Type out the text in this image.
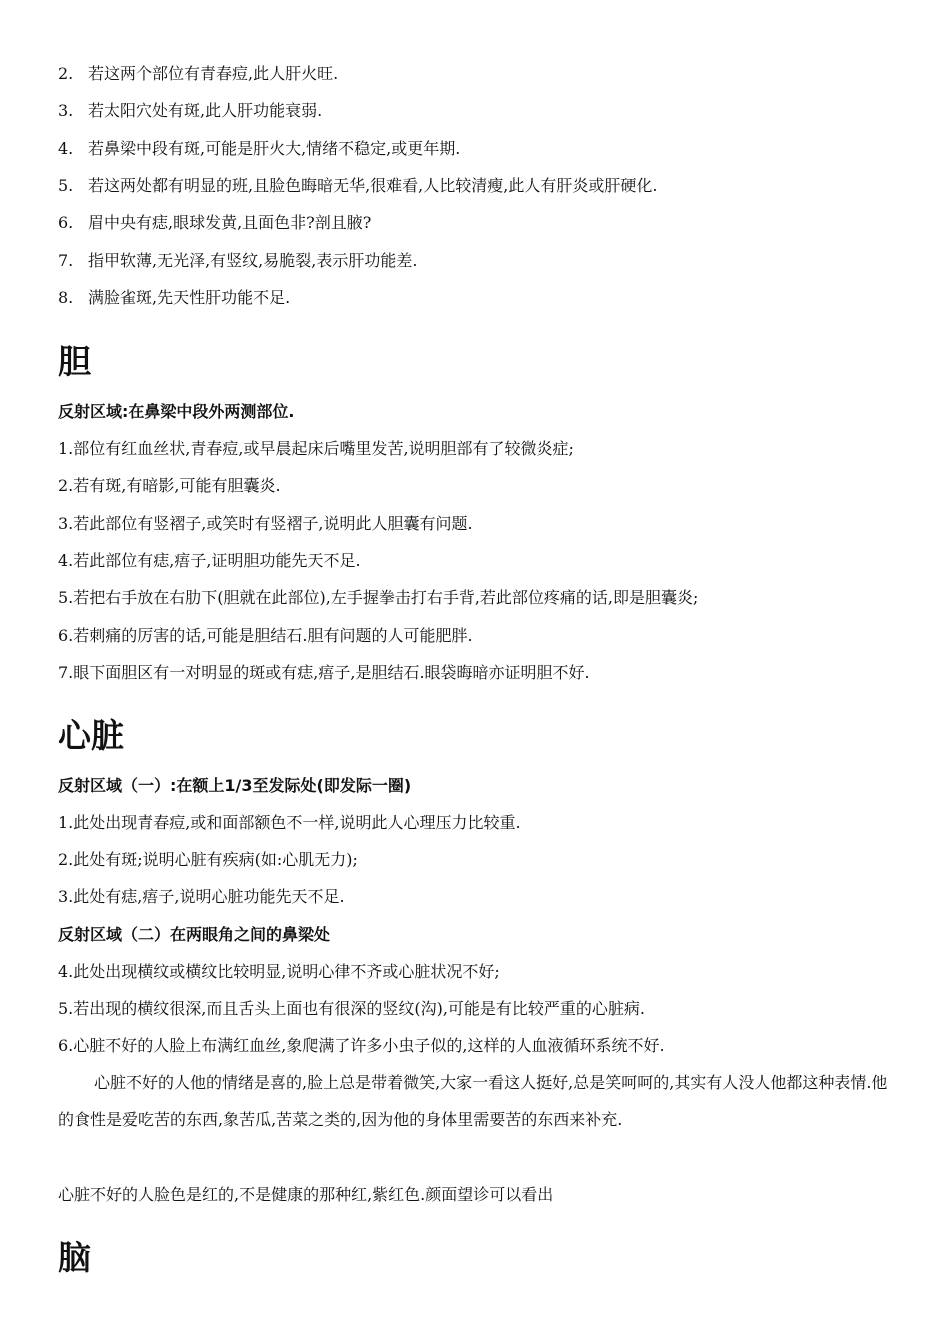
2. 若这两个部位有青春痘,此人肝火旺.
3. 若太阳穴处有斑,此人肝功能衰弱.
4. 若鼻梁中段有斑,可能是肝火大,情绪不稳定,或更年期.
5. 若这两处都有明显的班,且脸色晦暗无华,很难看,人比较清瘦,此人有肝炎或肝硬化.
6. 眉中央有痣,眼球发黄,且面色非?剖且腋?
7. 指甲软薄,无光泽,有竖纹,易脆裂,表示肝功能差.
8. 满脸雀斑,先天性肝功能不足.
胆
反射区域:在鼻梁中段外两测部位.
1.部位有红血丝状,青春痘,或早晨起床后嘴里发苦,说明胆部有了较微炎症;
2.若有斑,有暗影,可能有胆囊炎.
3.若此部位有竖褶子,或笑时有竖褶子,说明此人胆囊有问题.
4.若此部位有痣,痦子,证明胆功能先天不足.
5.若把右手放在右肋下(胆就在此部位),左手握拳击打右手背,若此部位疼痛的话,即是胆囊炎;
6.若刺痛的厉害的话,可能是胆结石.胆有问题的人可能肥胖.
7.眼下面胆区有一对明显的斑或有痣,痦子,是胆结石.眼袋晦暗亦证明胆不好.
心脏
反射区域（一）:在额上1/3至发际处(即发际一圈)
1.此处出现青春痘,或和面部额色不一样,说明此人心理压力比较重.
2.此处有斑;说明心脏有疾病(如:心肌无力);
3.此处有痣,痦子,说明心脏功能先天不足.
反射区域（二）在两眼角之间的鼻梁处
4.此处出现横纹或横纹比较明显,说明心律不齐或心脏状况不好;
5.若出现的横纹很深,而且舌头上面也有很深的竖纹(沟),可能是有比较严重的心脏病.
6.心脏不好的人脸上布满红血丝,象爬满了许多小虫子似的,这样的人血液循环系统不好.
心脏不好的人他的情绪是喜的,脸上总是带着微笑,大家一看这人挺好,总是笑呵呵的,其实有人没人他都这种表情.他的食性是爱吃苦的东西,象苦瓜,苦菜之类的,因为他的身体里需要苦的东西来补充.
心脏不好的人脸色是红的,不是健康的那种红,紫红色.颜面望诊可以看出
脑
